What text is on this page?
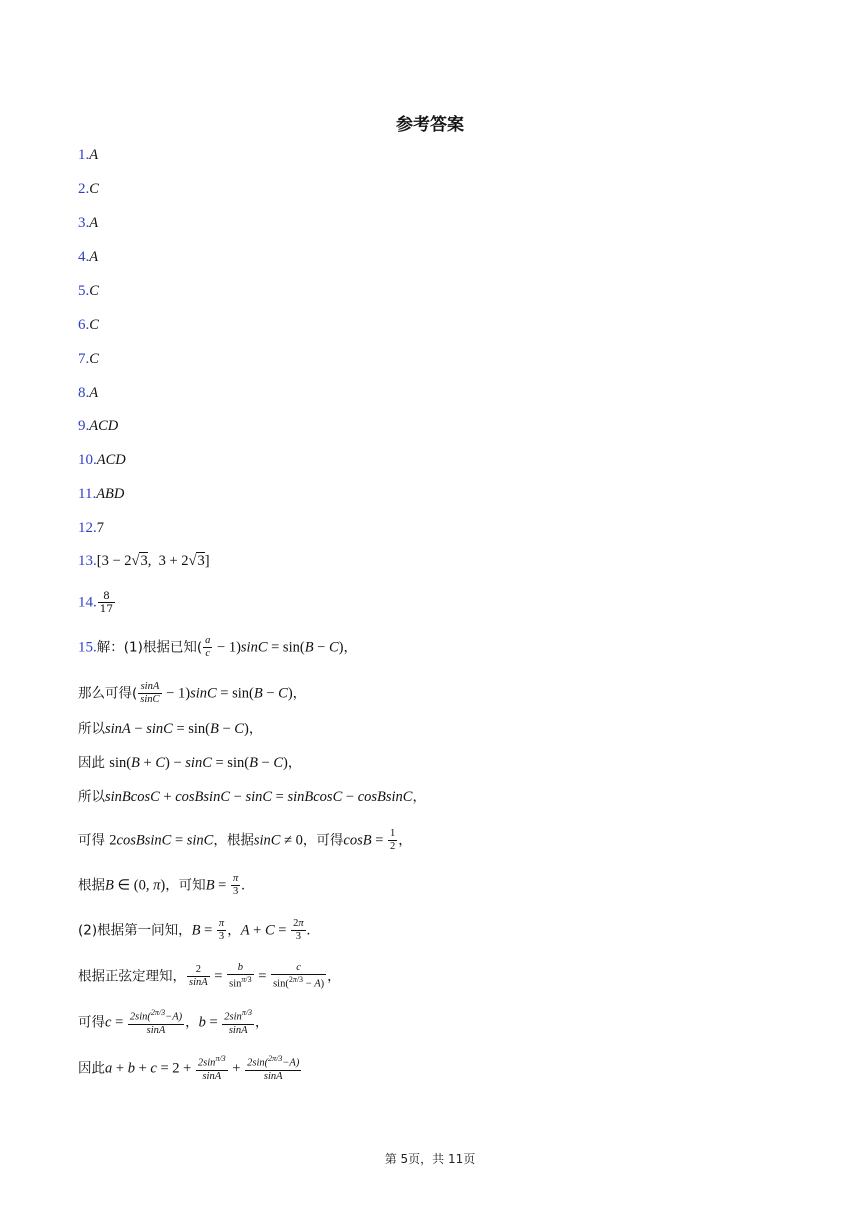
参考答案
1.A
2.C
3.A
4.A
5.C
6.C
7.C
8.A
9.ACD
10.ACD
11.ABD
12.7
13.[3 − 2√3,  3 + 2√3]
14. $\frac{8}{17}$
15.解：(1)根据已知( $\frac{a}{c} - 1)\sin C = \sin(B - C)$，
那么可得( $\frac{\sin A}{\sin C} - 1)\sin C = \sin(B - C)$，
所以sinA − sinC = sin(B − C)，
因此 sin(B + C) − sinC = sin(B − C)，
所以sinBcosC + cosBsinC − sinC = sinBcosC − cosBsinC，
可得 2cosBsinC = sinC，根据sinC ≠ 0，可得$\cos B = \frac{1}{2}$ ，
根据B ∈ (0, π)，可知$B = \frac{\pi}{3}$ .
(2)根据第一问知，$B = \frac{\pi}{3}$ ，$A + C = \frac{2\pi}{3}$ .
根据正弦定理知， $\frac{2}{\sin A} = \frac{b}{\sin^{\pi/3}} = \frac{c}{\sin(^{2\pi/3} - A)}$ ，
可得$c = \frac{2\sin(^{2\pi/3}-A)}{\sin A}$ ，$b = \frac{2\sin^{\pi/3}}{\sin A}$ ，
因此$a + b + c = 2 + \frac{2\sin^{\pi/3}}{\sin A} + \frac{2\sin(^{2\pi/3}-A)}{\sin A}$
第 5页，共 11页
